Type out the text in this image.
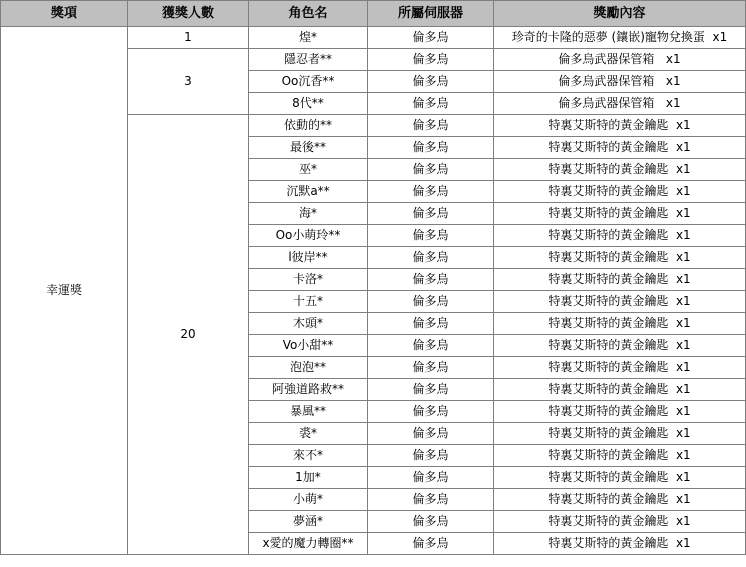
獎項	獲獎人數	角色名	所屬伺服器	獎勵內容
幸運獎	1	煌*	倫多烏	珍奇的卡隆的惡夢 (鑲嵌)寵物兌換蛋  x1
	3	隱忍者**	倫多烏	倫多烏武器保管箱   x1
		Oo沉香**	倫多烏	倫多烏武器保管箱   x1
		8代**	倫多烏	倫多烏武器保管箱   x1
	20	依動的**	倫多烏	特裏艾斯特的黃金鑰匙  x1
		最後**	倫多烏	特裏艾斯特的黃金鑰匙  x1
		巫*	倫多烏	特裏艾斯特的黃金鑰匙  x1
		沉默a**	倫多烏	特裏艾斯特的黃金鑰匙  x1
		海*	倫多烏	特裏艾斯特的黃金鑰匙  x1
		Oo小萌玲**	倫多烏	特裏艾斯特的黃金鑰匙  x1
		l彼岸**	倫多烏	特裏艾斯特的黃金鑰匙  x1
		卡洛*	倫多烏	特裏艾斯特的黃金鑰匙  x1
		十五*	倫多烏	特裏艾斯特的黃金鑰匙  x1
		木頭*	倫多烏	特裏艾斯特的黃金鑰匙  x1
		Vo小甜**	倫多烏	特裏艾斯特的黃金鑰匙  x1
		泡泡**	倫多烏	特裏艾斯特的黃金鑰匙  x1
		阿強道路救**	倫多烏	特裏艾斯特的黃金鑰匙  x1
		暴風**	倫多烏	特裏艾斯特的黃金鑰匙  x1
		裘*	倫多烏	特裏艾斯特的黃金鑰匙  x1
		來不*	倫多烏	特裏艾斯特的黃金鑰匙  x1
		1加*	倫多烏	特裏艾斯特的黃金鑰匙  x1
		小萌*	倫多烏	特裏艾斯特的黃金鑰匙  x1
		夢涵*	倫多烏	特裏艾斯特的黃金鑰匙  x1
		x愛的魔力轉圈**	倫多烏	特裏艾斯特的黃金鑰匙  x1
